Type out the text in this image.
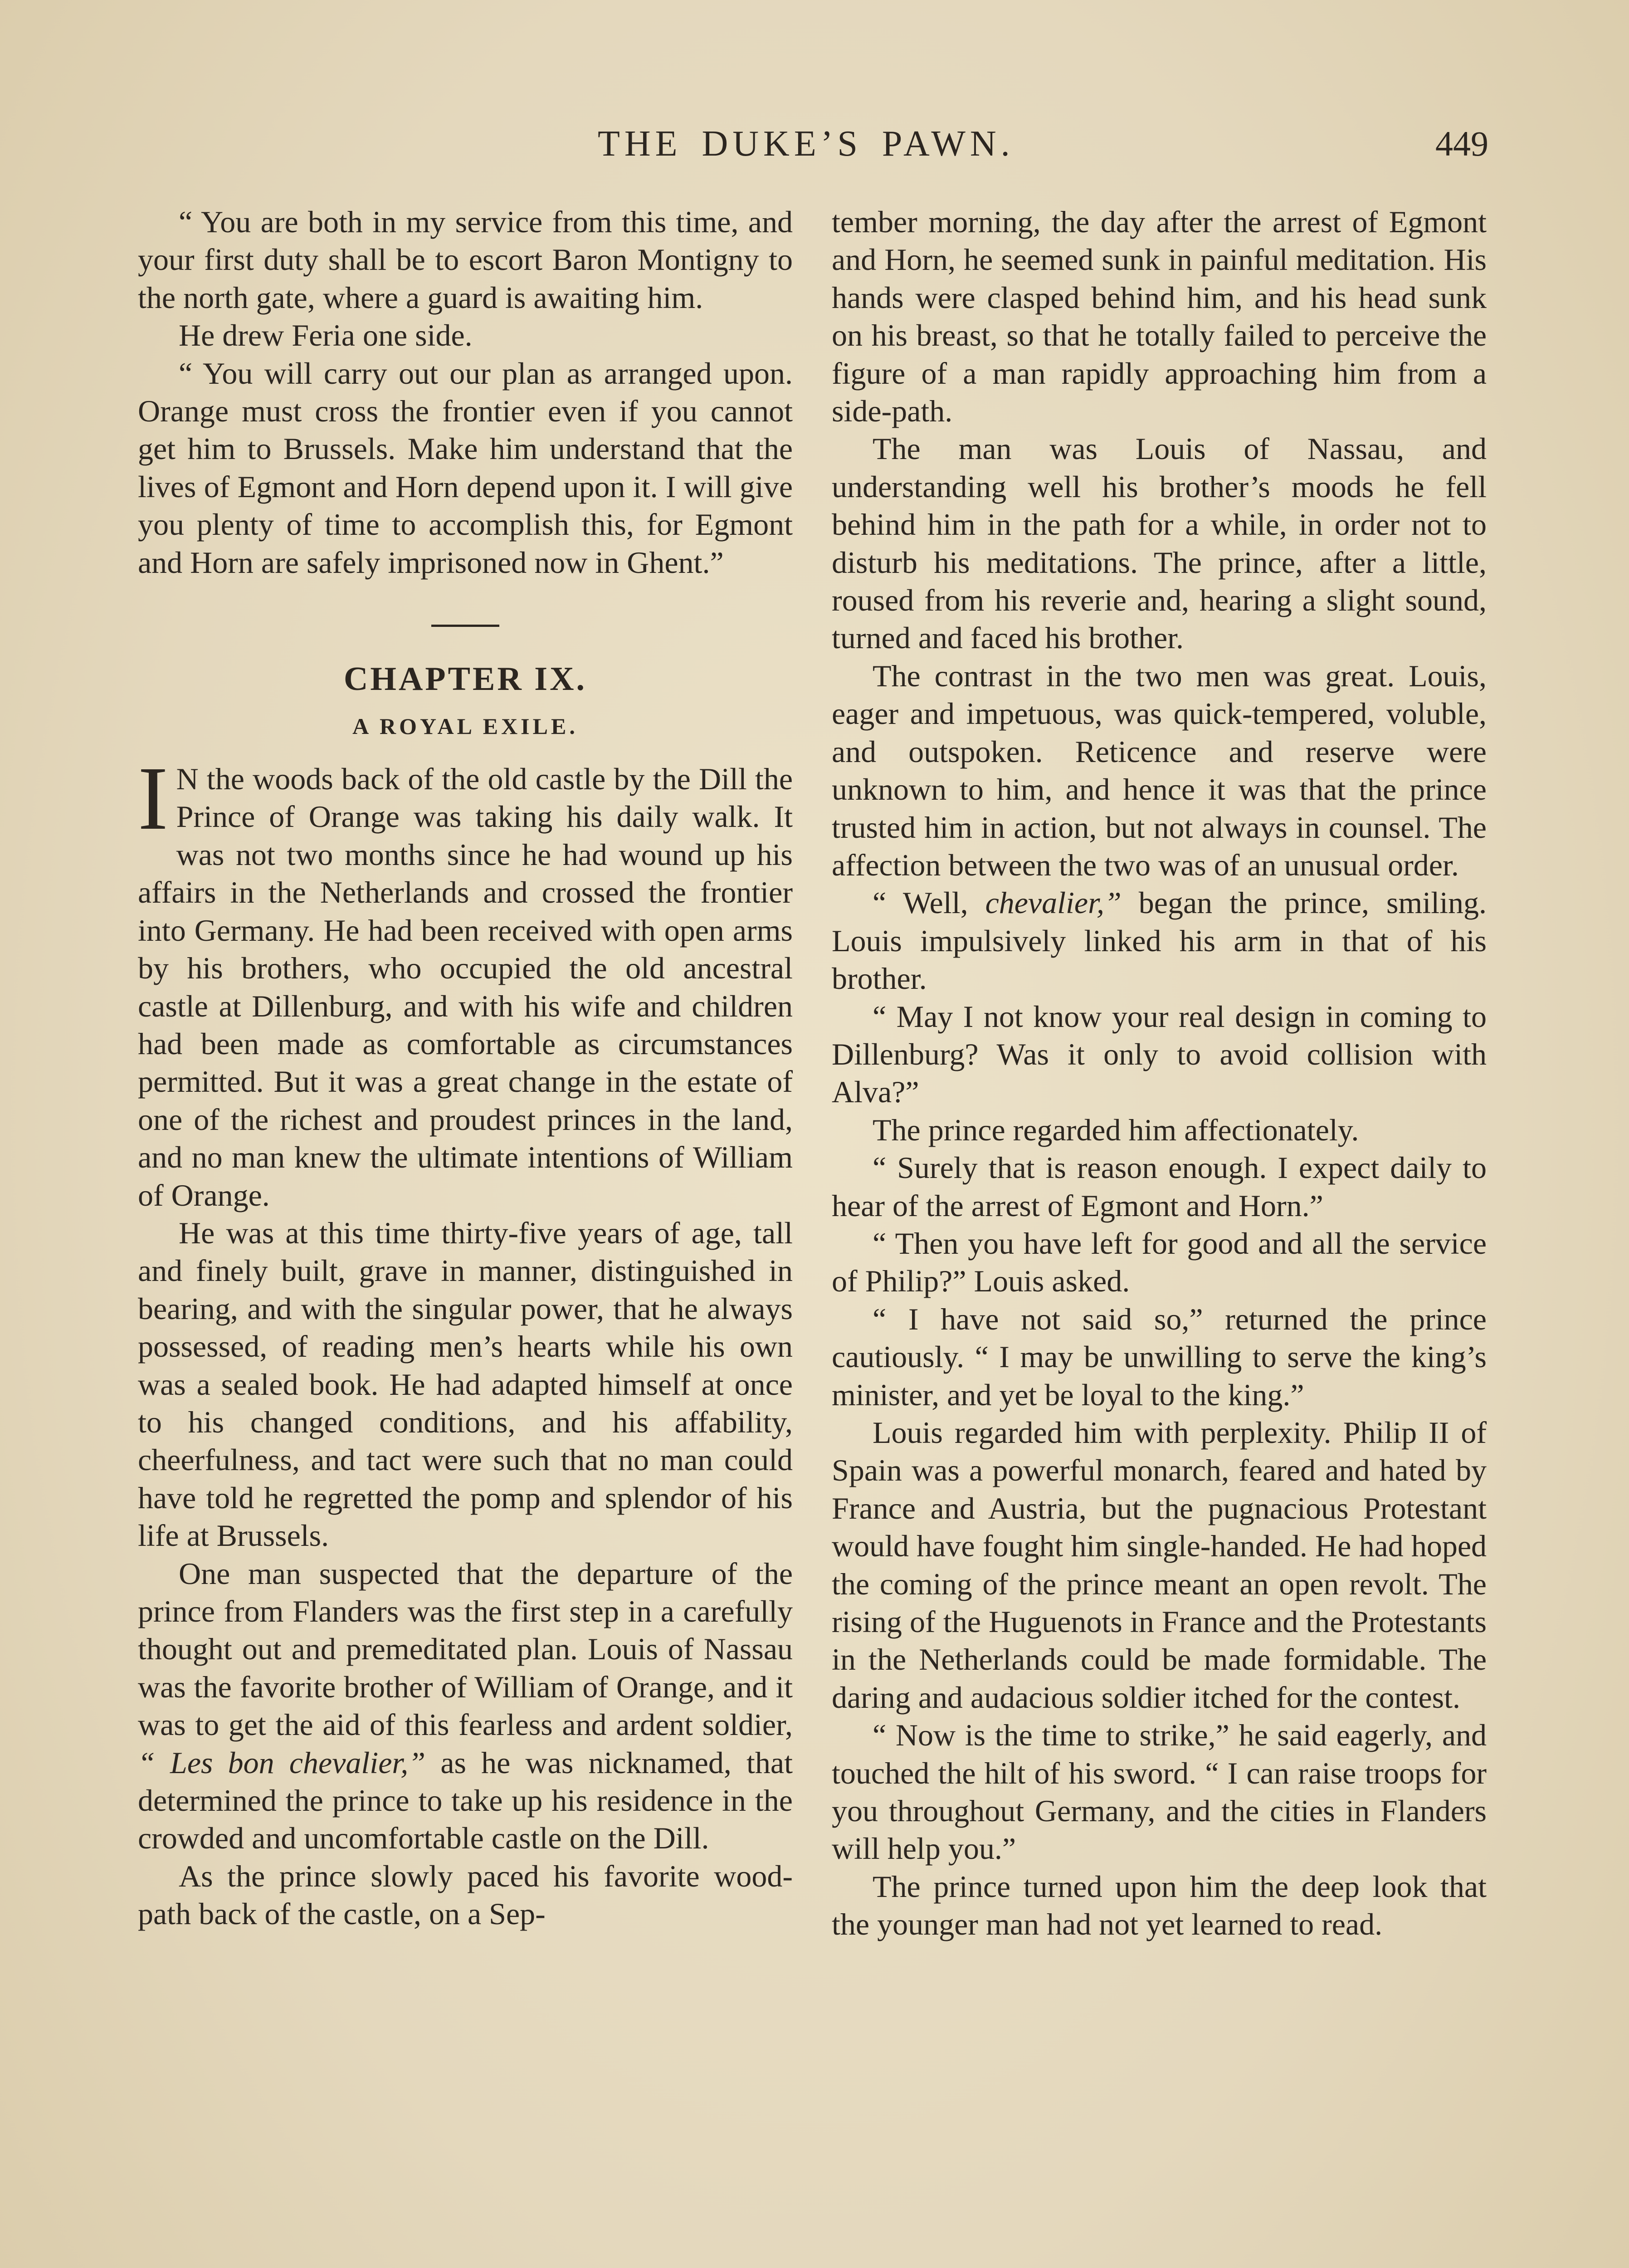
THE DUKE’S PAWN.	449

“ You are both in my service from this time, and your first duty shall be to escort Baron Montigny to the north gate, where a guard is awaiting him.

He drew Feria one side.

“ You will carry out our plan as arranged upon. Orange must cross the frontier even if you cannot get him to Brussels. Make him understand that the lives of Egmont and Horn depend upon it. I will give you plenty of time to accomplish this, for Egmont and Horn are safely imprisoned now in Ghent.”

CHAPTER IX.
A ROYAL EXILE.

I N the woods back of the old castle by the Dill the Prince of Orange was taking his daily walk. It was not two months since he had wound up his affairs in the Netherlands and crossed the frontier into Germany. He had been received with open arms by his brothers, who occupied the old ancestral castle at Dillenburg, and with his wife and children had been made as comfortable as circumstances permitted. But it was a great change in the estate of one of the richest and proudest princes in the land, and no man knew the ultimate intentions of William of Orange.

He was at this time thirty-five years of age, tall and finely built, grave in manner, distinguished in bearing, and with the singular power, that he always possessed, of reading men’s hearts while his own was a sealed book. He had adapted himself at once to his changed conditions, and his affability, cheerfulness, and tact were such that no man could have told he regretted the pomp and splendor of his life at Brussels.

One man suspected that the departure of the prince from Flanders was the first step in a carefully thought out and premeditated plan. Louis of Nassau was the favorite brother of William of Orange, and it was to get the aid of this fearless and ardent soldier, “ Les bon chevalier,” as he was nicknamed, that determined the prince to take up his residence in the crowded and uncomfortable castle on the Dill.

As the prince slowly paced his favorite wood-path back of the castle, on a Sep-

tember morning, the day after the arrest of Egmont and Horn, he seemed sunk in painful meditation. His hands were clasped behind him, and his head sunk on his breast, so that he totally failed to perceive the figure of a man rapidly approaching him from a side-path.

The man was Louis of Nassau, and understanding well his brother’s moods he fell behind him in the path for a while, in order not to disturb his meditations. The prince, after a little, roused from his reverie and, hearing a slight sound, turned and faced his brother.

The contrast in the two men was great. Louis, eager and impetuous, was quick-tempered, voluble, and outspoken. Reticence and reserve were unknown to him, and hence it was that the prince trusted him in action, but not always in counsel. The affection between the two was of an unusual order.

“ Well, chevalier,” began the prince, smiling. Louis impulsively linked his arm in that of his brother.

“ May I not know your real design in coming to Dillenburg? Was it only to avoid collision with Alva?”

The prince regarded him affectionately.

“ Surely that is reason enough. I expect daily to hear of the arrest of Egmont and Horn.”

“ Then you have left for good and all the service of Philip?” Louis asked.

“ I have not said so,” returned the prince cautiously. “ I may be unwilling to serve the king’s minister, and yet be loyal to the king.”

Louis regarded him with perplexity. Philip II of Spain was a powerful monarch, feared and hated by France and Austria, but the pugnacious Protestant would have fought him single-handed. He had hoped the coming of the prince meant an open revolt. The rising of the Huguenots in France and the Protestants in the Netherlands could be made formidable. The daring and audacious soldier itched for the contest.

“ Now is the time to strike,” he said eagerly, and touched the hilt of his sword. “ I can raise troops for you throughout Germany, and the cities in Flanders will help you.”

The prince turned upon him the deep look that the younger man had not yet learned to read.
